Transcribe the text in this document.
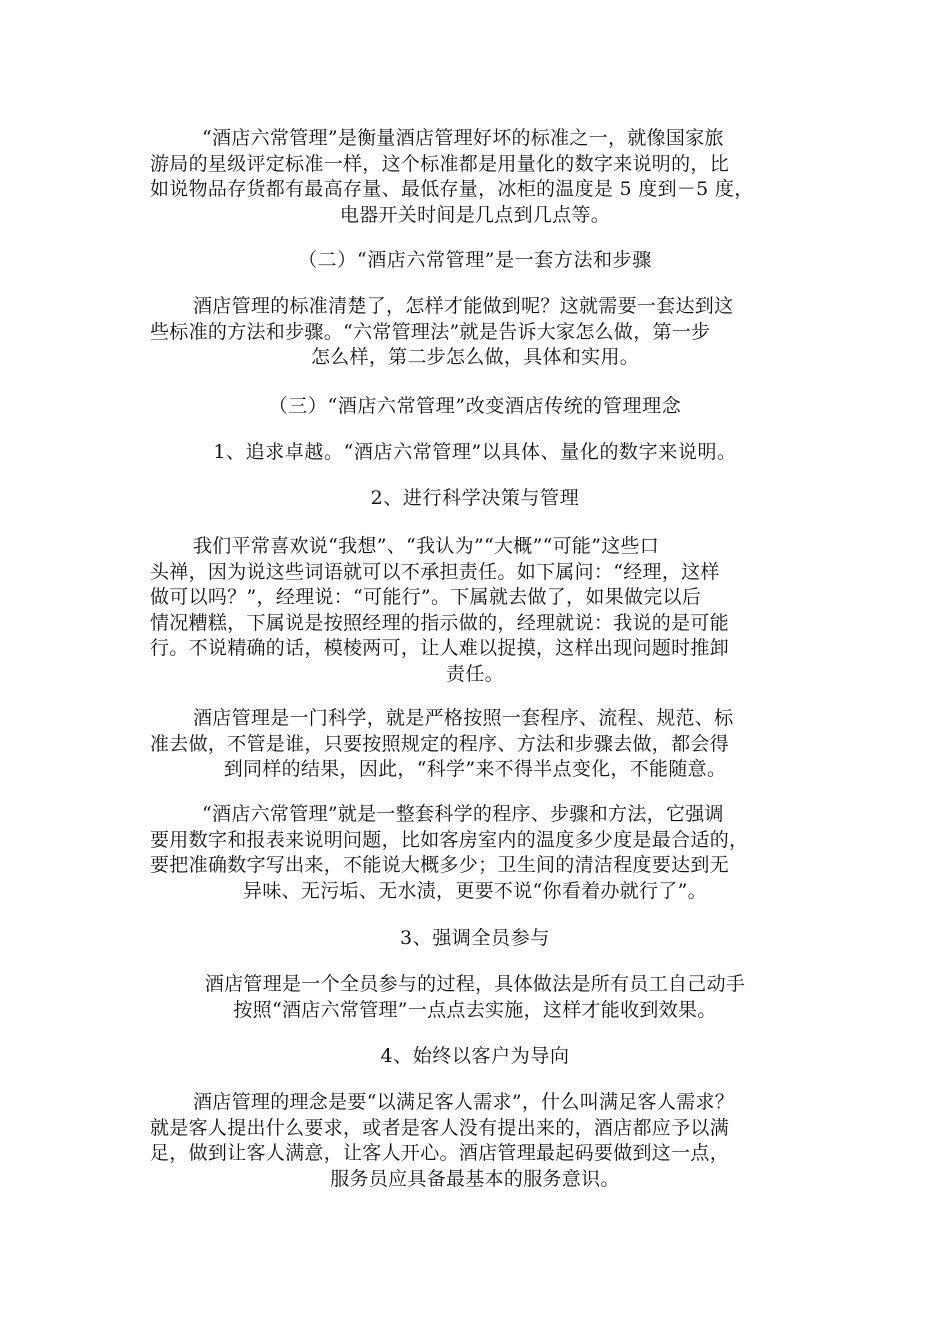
“酒店六常管理”是衡量酒店管理好坏的标准之一，就像国家旅

游局的星级评定标准一样，这个标准都是用量化的数字来说明的，比

如说物品存货都有最高存量、最低存量，冰柜的温度是 5 度到－5 度，

电器开关时间是几点到几点等。

（二）“酒店六常管理”是一套方法和步骤

酒店管理的标准清楚了，怎样才能做到呢？这就需要一套达到这

些标准的方法和步骤。“六常管理法”就是告诉大家怎么做，第一步

怎么样，第二步怎么做，具体和实用。

（三）“酒店六常管理”改变酒店传统的管理理念
1、追求卓越。“酒店六常管理”以具体、量化的数字来说明。
2、进行科学决策与管理

我们平常喜欢说“我想”、“我认为”“大概”“可能”这些口

头禅，因为说这些词语就可以不承担责任。如下属问：“经理，这样

做可以吗？”，经理说：“可能行”。下属就去做了，如果做完以后

情况糟糕，下属说是按照经理的指示做的，经理就说：我说的是可能

行。不说精确的话，模棱两可，让人难以捉摸，这样出现问题时推卸

责任。

酒店管理是一门科学，就是严格按照一套程序、流程、规范、标

准去做，不管是谁，只要按照规定的程序、方法和步骤去做，都会得

到同样的结果，因此，“科学”来不得半点变化，不能随意。

“酒店六常管理”就是一整套科学的程序、步骤和方法，它强调

要用数字和报表来说明问题，比如客房室内的温度多少度是最合适的，

要把准确数字写出来，不能说大概多少；卫生间的清洁程度要达到无

异味、无污垢、无水渍，更要不说“你看着办就行了”。

3、强调全员参与

酒店管理是一个全员参与的过程，具体做法是所有员工自己动手

按照“酒店六常管理”一点点去实施，这样才能收到效果。

4、始终以客户为导向

酒店管理的理念是要“以满足客人需求”，什么叫满足客人需求？

就是客人提出什么要求，或者是客人没有提出来的，酒店都应予以满

足，做到让客人满意，让客人开心。酒店管理最起码要做到这一点，

服务员应具备最基本的服务意识。
